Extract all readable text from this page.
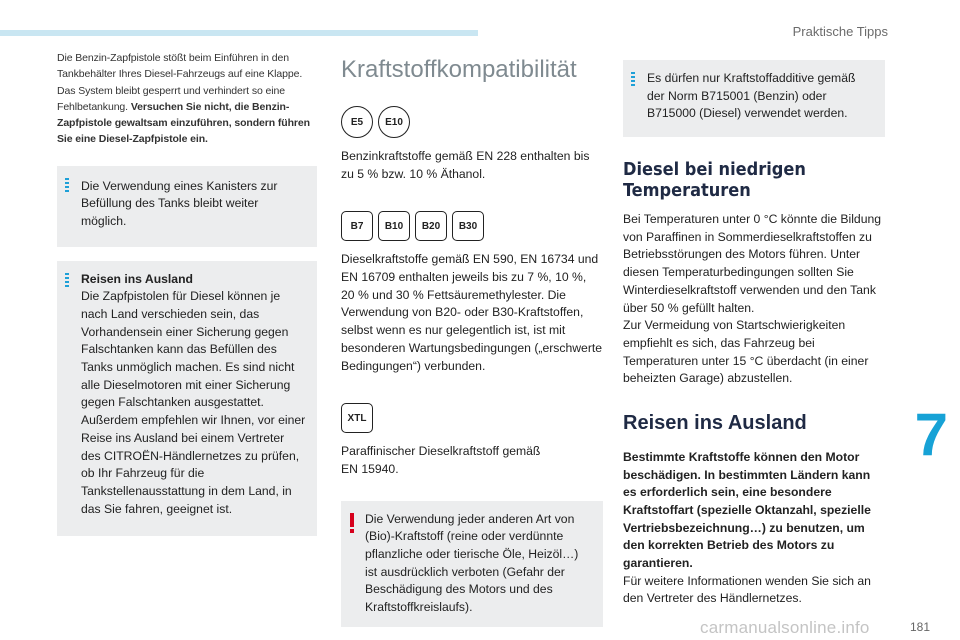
Praktische Tipps
Die Benzin-Zapfpistole stößt beim Einführen in den Tankbehälter Ihres Diesel-Fahrzeugs auf eine Klappe. Das System bleibt gesperrt und verhindert so eine Fehlbetankung. Versuchen Sie nicht, die Benzin-Zapfpistole gewaltsam einzuführen, sondern führen Sie eine Diesel-Zapfpistole ein.
Die Verwendung eines Kanisters zur Befüllung des Tanks bleibt weiter möglich.
Reisen ins Ausland
Die Zapfpistolen für Diesel können je nach Land verschieden sein, das Vorhandensein einer Sicherung gegen Falschtanken kann das Befüllen des Tanks unmöglich machen. Es sind nicht alle Dieselmotoren mit einer Sicherung gegen Falschtanken ausgestattet. Außerdem empfehlen wir Ihnen, vor einer Reise ins Ausland bei einem Vertreter des CITROËN-Händlernetzes zu prüfen, ob Ihr Fahrzeug für die Tankstellenausstattung in dem Land, in das Sie fahren, geeignet ist.
Kraftstoffkompatibilität
E5	E10
Benzinkraftstoffe gemäß EN 228 enthalten bis zu 5 % bzw. 10 % Äthanol.
B7	B10	B20	B30
Dieselkraftstoffe gemäß EN 590, EN 16734 und EN 16709 enthalten jeweils bis zu 7 %, 10 %, 20 % und 30 % Fettsäuremethylester. Die Verwendung von B20- oder B30-Kraftstoffen, selbst wenn es nur gelegentlich ist, ist mit besonderen Wartungsbedingungen („erschwerte Bedingungen“) verbunden.
XTL
Paraffinischer Dieselkraftstoff gemäß EN 15940.
Die Verwendung jeder anderen Art von (Bio)-Kraftstoff (reine oder verdünnte pflanzliche oder tierische Öle, Heizöl…) ist ausdrücklich verboten (Gefahr der Beschädigung des Motors und des Kraftstoffkreislaufs).
Es dürfen nur Kraftstoffadditive gemäß der Norm B715001 (Benzin) oder B715000 (Diesel) verwendet werden.
Diesel bei niedrigen Temperaturen
Bei Temperaturen unter 0 °C könnte die Bildung von Paraffinen in Sommerdieselkraftstoffen zu Betriebsstörungen des Motors führen. Unter diesen Temperaturbedingungen sollten Sie Winterdieselkraftstoff verwenden und den Tank über 50 % gefüllt halten.
Zur Vermeidung von Startschwierigkeiten empfiehlt es sich, das Fahrzeug bei Temperaturen unter 15 °C überdacht (in einer beheizten Garage) abzustellen.
Reisen ins Ausland
Bestimmte Kraftstoffe können den Motor beschädigen. In bestimmten Ländern kann es erforderlich sein, eine besondere Kraftstoffart (spezielle Oktanzahl, spezielle Vertriebsbezeichnung…) zu benutzen, um den korrekten Betrieb des Motors zu garantieren.
Für weitere Informationen wenden Sie sich an den Vertreter des Händlernetzes.
7
carmanualsonline.info	181
